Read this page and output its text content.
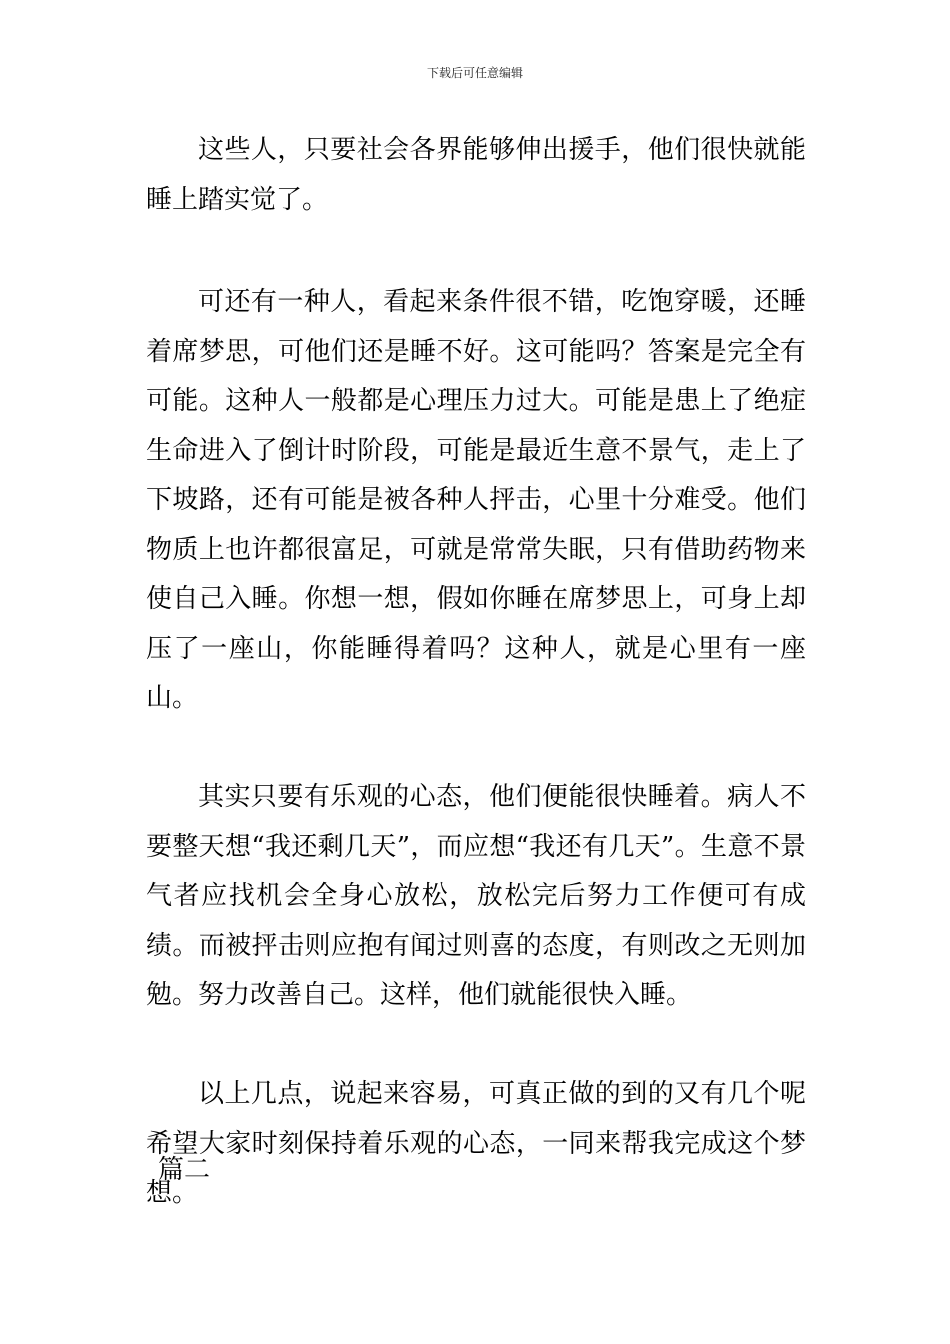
下载后可任意编辑

这些人，只要社会各界能够伸出援手，他们很快就能睡上踏实觉了。

可还有一种人，看起来条件很不错，吃饱穿暖，还睡着席梦思，可他们还是睡不好。这可能吗？答案是完全有可能。这种人一般都是心理压力过大。可能是患上了绝症生命进入了倒计时阶段，可能是最近生意不景气，走上了下坡路，还有可能是被各种人抨击，心里十分难受。他们物质上也许都很富足，可就是常常失眠，只有借助药物来使自己入睡。你想一想，假如你睡在席梦思上，可身上却压了一座山，你能睡得着吗？这种人，就是心里有一座山。

其实只要有乐观的心态，他们便能很快睡着。病人不要整天想“我还剩几天”，而应想“我还有几天”。生意不景气者应找机会全身心放松，放松完后努力工作便可有成绩。而被抨击则应抱有闻过则喜的态度，有则改之无则加勉。努力改善自己。这样，他们就能很快入睡。

以上几点，说起来容易，可真正做的到的又有几个呢希望大家时刻保持着乐观的心态，一同来帮我完成这个梦想。

篇二
